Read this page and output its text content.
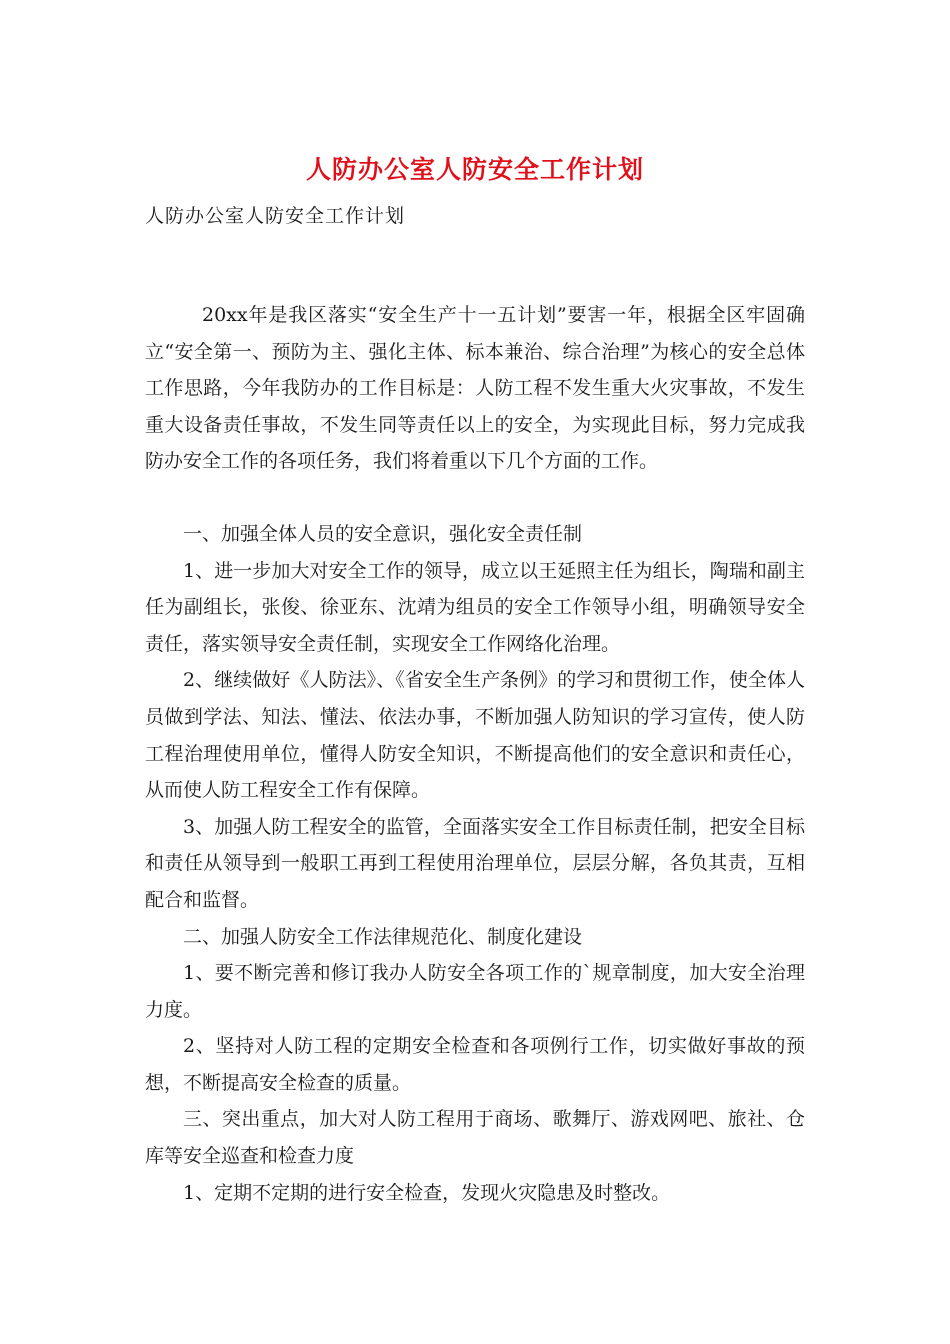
人防办公室人防安全工作计划
人防办公室人防安全工作计划

20xx年是我区落实“安全生产十一五计划”要害一年，根据全区牢固确立“安全第一、预防为主、强化主体、标本兼治、综合治理”为核心的安全总体工作思路，今年我防办的工作目标是：人防工程不发生重大火灾事故，不发生重大设备责任事故，不发生同等责任以上的安全，为实现此目标，努力完成我防办安全工作的各项任务，我们将着重以下几个方面的工作。

一、加强全体人员的安全意识，强化安全责任制

1、进一步加大对安全工作的领导，成立以王延照主任为组长，陶瑞和副主任为副组长，张俊、徐亚东、沈靖为组员的安全工作领导小组，明确领导安全责任，落实领导安全责任制，实现安全工作网络化治理。

2、继续做好《人防法》、《省安全生产条例》的学习和贯彻工作，使全体人员做到学法、知法、懂法、依法办事，不断加强人防知识的学习宣传，使人防工程治理使用单位，懂得人防安全知识，不断提高他们的安全意识和责任心，从而使人防工程安全工作有保障。

3、加强人防工程安全的监管，全面落实安全工作目标责任制，把安全目标和责任从领导到一般职工再到工程使用治理单位，层层分解，各负其责，互相配合和监督。

二、加强人防安全工作法律规范化、制度化建设

1、要不断完善和修订我办人防安全各项工作的`规章制度，加大安全治理力度。

2、坚持对人防工程的定期安全检查和各项例行工作，切实做好事故的预想，不断提高安全检查的质量。

三、突出重点，加大对人防工程用于商场、歌舞厅、游戏网吧、旅社、仓库等安全巡查和检查力度

1、定期不定期的进行安全检查，发现火灾隐患及时整改。
